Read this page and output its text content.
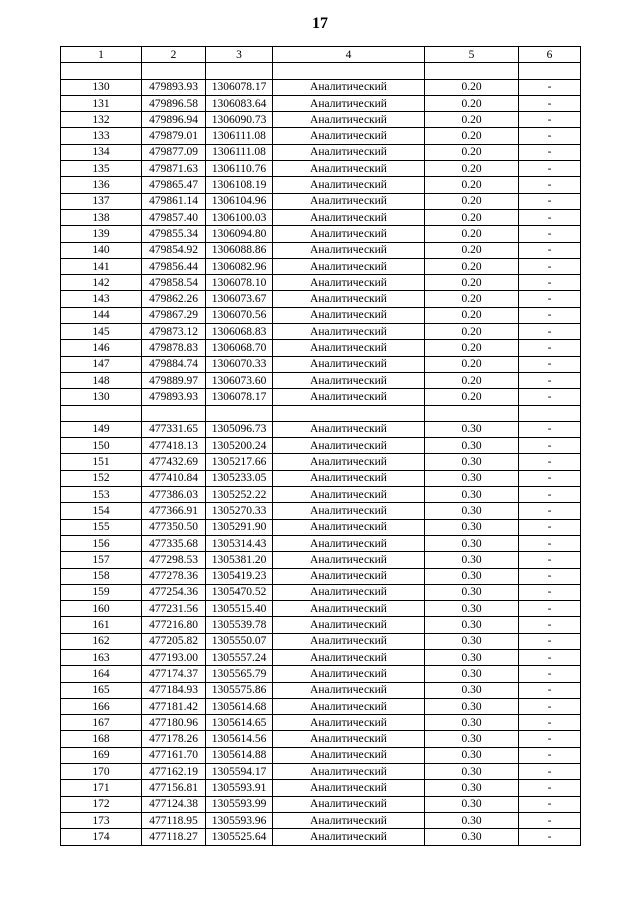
17
1	2	3	4	5	6

130	479893.93	1306078.17	Аналитический	0.20	-
131	479896.58	1306083.64	Аналитический	0.20	-
132	479896.94	1306090.73	Аналитический	0.20	-
133	479879.01	1306111.08	Аналитический	0.20	-
134	479877.09	1306111.08	Аналитический	0.20	-
135	479871.63	1306110.76	Аналитический	0.20	-
136	479865.47	1306108.19	Аналитический	0.20	-
137	479861.14	1306104.96	Аналитический	0.20	-
138	479857.40	1306100.03	Аналитический	0.20	-
139	479855.34	1306094.80	Аналитический	0.20	-
140	479854.92	1306088.86	Аналитический	0.20	-
141	479856.44	1306082.96	Аналитический	0.20	-
142	479858.54	1306078.10	Аналитический	0.20	-
143	479862.26	1306073.67	Аналитический	0.20	-
144	479867.29	1306070.56	Аналитический	0.20	-
145	479873.12	1306068.83	Аналитический	0.20	-
146	479878.83	1306068.70	Аналитический	0.20	-
147	479884.74	1306070.33	Аналитический	0.20	-
148	479889.97	1306073.60	Аналитический	0.20	-
130	479893.93	1306078.17	Аналитический	0.20	-

149	477331.65	1305096.73	Аналитический	0.30	-
150	477418.13	1305200.24	Аналитический	0.30	-
151	477432.69	1305217.66	Аналитический	0.30	-
152	477410.84	1305233.05	Аналитический	0.30	-
153	477386.03	1305252.22	Аналитический	0.30	-
154	477366.91	1305270.33	Аналитический	0.30	-
155	477350.50	1305291.90	Аналитический	0.30	-
156	477335.68	1305314.43	Аналитический	0.30	-
157	477298.53	1305381.20	Аналитический	0.30	-
158	477278.36	1305419.23	Аналитический	0.30	-
159	477254.36	1305470.52	Аналитический	0.30	-
160	477231.56	1305515.40	Аналитический	0.30	-
161	477216.80	1305539.78	Аналитический	0.30	-
162	477205.82	1305550.07	Аналитический	0.30	-
163	477193.00	1305557.24	Аналитический	0.30	-
164	477174.37	1305565.79	Аналитический	0.30	-
165	477184.93	1305575.86	Аналитический	0.30	-
166	477181.42	1305614.68	Аналитический	0.30	-
167	477180.96	1305614.65	Аналитический	0.30	-
168	477178.26	1305614.56	Аналитический	0.30	-
169	477161.70	1305614.88	Аналитический	0.30	-
170	477162.19	1305594.17	Аналитический	0.30	-
171	477156.81	1305593.91	Аналитический	0.30	-
172	477124.38	1305593.99	Аналитический	0.30	-
173	477118.95	1305593.96	Аналитический	0.30	-
174	477118.27	1305525.64	Аналитический	0.30	-
